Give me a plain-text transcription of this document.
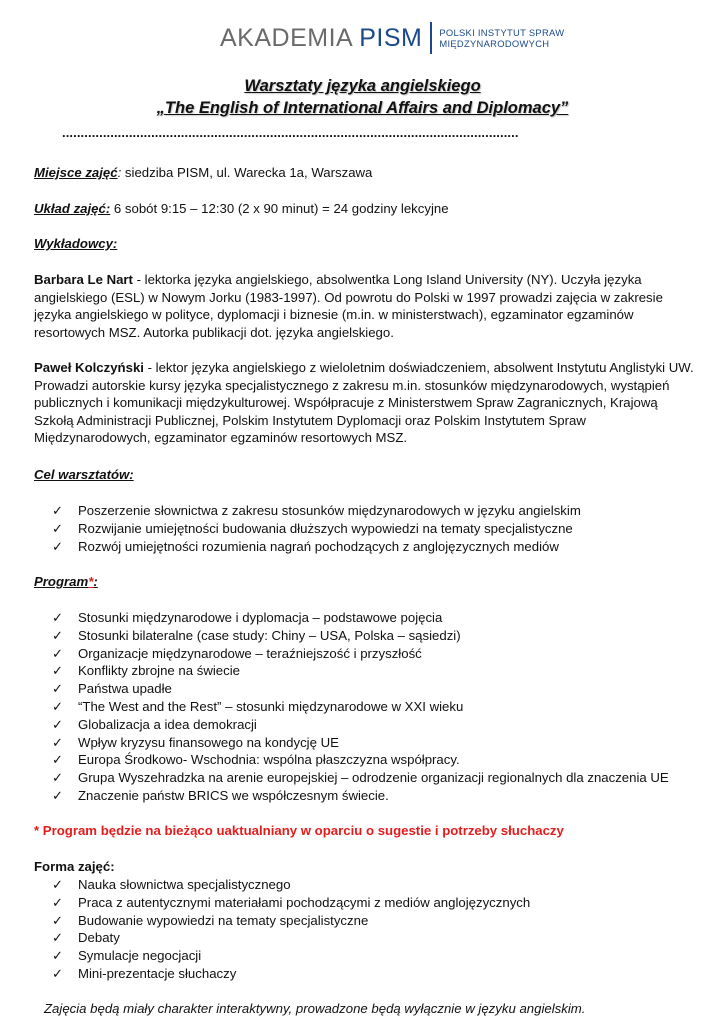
AKADEMIA PISM POLSKI INSTYTUT SPRAW
MIĘDZYNARODOWYCH
Warsztaty języka angielskiego
„The English of International Affairs and Diplomacy”
...........................................................................................................................
Miejsce zajęć: siedziba PISM, ul. Warecka 1a, Warszawa
Układ zajęć: 6 sobót 9:15 – 12:30 (2 x 90 minut) = 24 godziny lekcyjne
Wykładowcy:

Barbara Le Nart - lektorka języka angielskiego, absolwentka Long Island University (NY). Uczyła języka angielskiego (ESL) w Nowym Jorku (1983-1997). Od powrotu do Polski w 1997 prowadzi zajęcia w zakresie języka angielskiego w polityce, dyplomacji i biznesie (m.in. w ministerstwach), egzaminator egzaminów resortowych MSZ. Autorka publikacji dot. języka angielskiego.

Paweł Kolczyński - lektor języka angielskiego z wieloletnim doświadczeniem, absolwent Instytutu Anglistyki UW. Prowadzi autorskie kursy języka specjalistycznego z zakresu m.in. stosunków międzynarodowych, wystąpień publicznych i komunikacji międzykulturowej. Współpracuje z Ministerstwem Spraw Zagranicznych, Krajową Szkołą Administracji Publicznej, Polskim Instytutem Dyplomacji oraz Polskim Instytutem Spraw Międzynarodowych, egzaminator egzaminów resortowych MSZ.

Cel warsztatów:
✓ Poszerzenie słownictwa z zakresu stosunków międzynarodowych w języku angielskim
✓ Rozwijanie umiejętności budowania dłuższych wypowiedzi na tematy specjalistyczne
✓ Rozwój umiejętności rozumienia nagrań pochodzących z anglojęzycznych mediów
Program*:
✓ Stosunki międzynarodowe i dyplomacja – podstawowe pojęcia
✓ Stosunki bilateralne (case study: Chiny – USA, Polska – sąsiedzi)
✓ Organizacje międzynarodowe – teraźniejszość i przyszłość
✓ Konflikty zbrojne na świecie
✓ Państwa upadłe
✓ “The West and the Rest” – stosunki międzynarodowe w XXI wieku
✓ Globalizacja a idea demokracji
✓ Wpływ kryzysu finansowego na kondycję UE
✓ Europa Środkowo- Wschodnia: wspólna płaszczyzna współpracy.
✓ Grupa Wyszehradzka na arenie europejskiej – odrodzenie organizacji regionalnych dla znaczenia UE
✓ Znaczenie państw BRICS we współczesnym świecie.
* Program będzie na bieżąco uaktualniany w oparciu o sugestie i potrzeby słuchaczy
Forma zajęć:
✓ Nauka słownictwa specjalistycznego
✓ Praca z autentycznymi materiałami pochodzącymi z mediów anglojęzycznych
✓ Budowanie wypowiedzi na tematy specjalistyczne
✓ Debaty
✓ Symulacje negocjacji
✓ Mini-prezentacje słuchaczy
Zajęcia będą miały charakter interaktywny, prowadzone będą wyłącznie w języku angielskim.
